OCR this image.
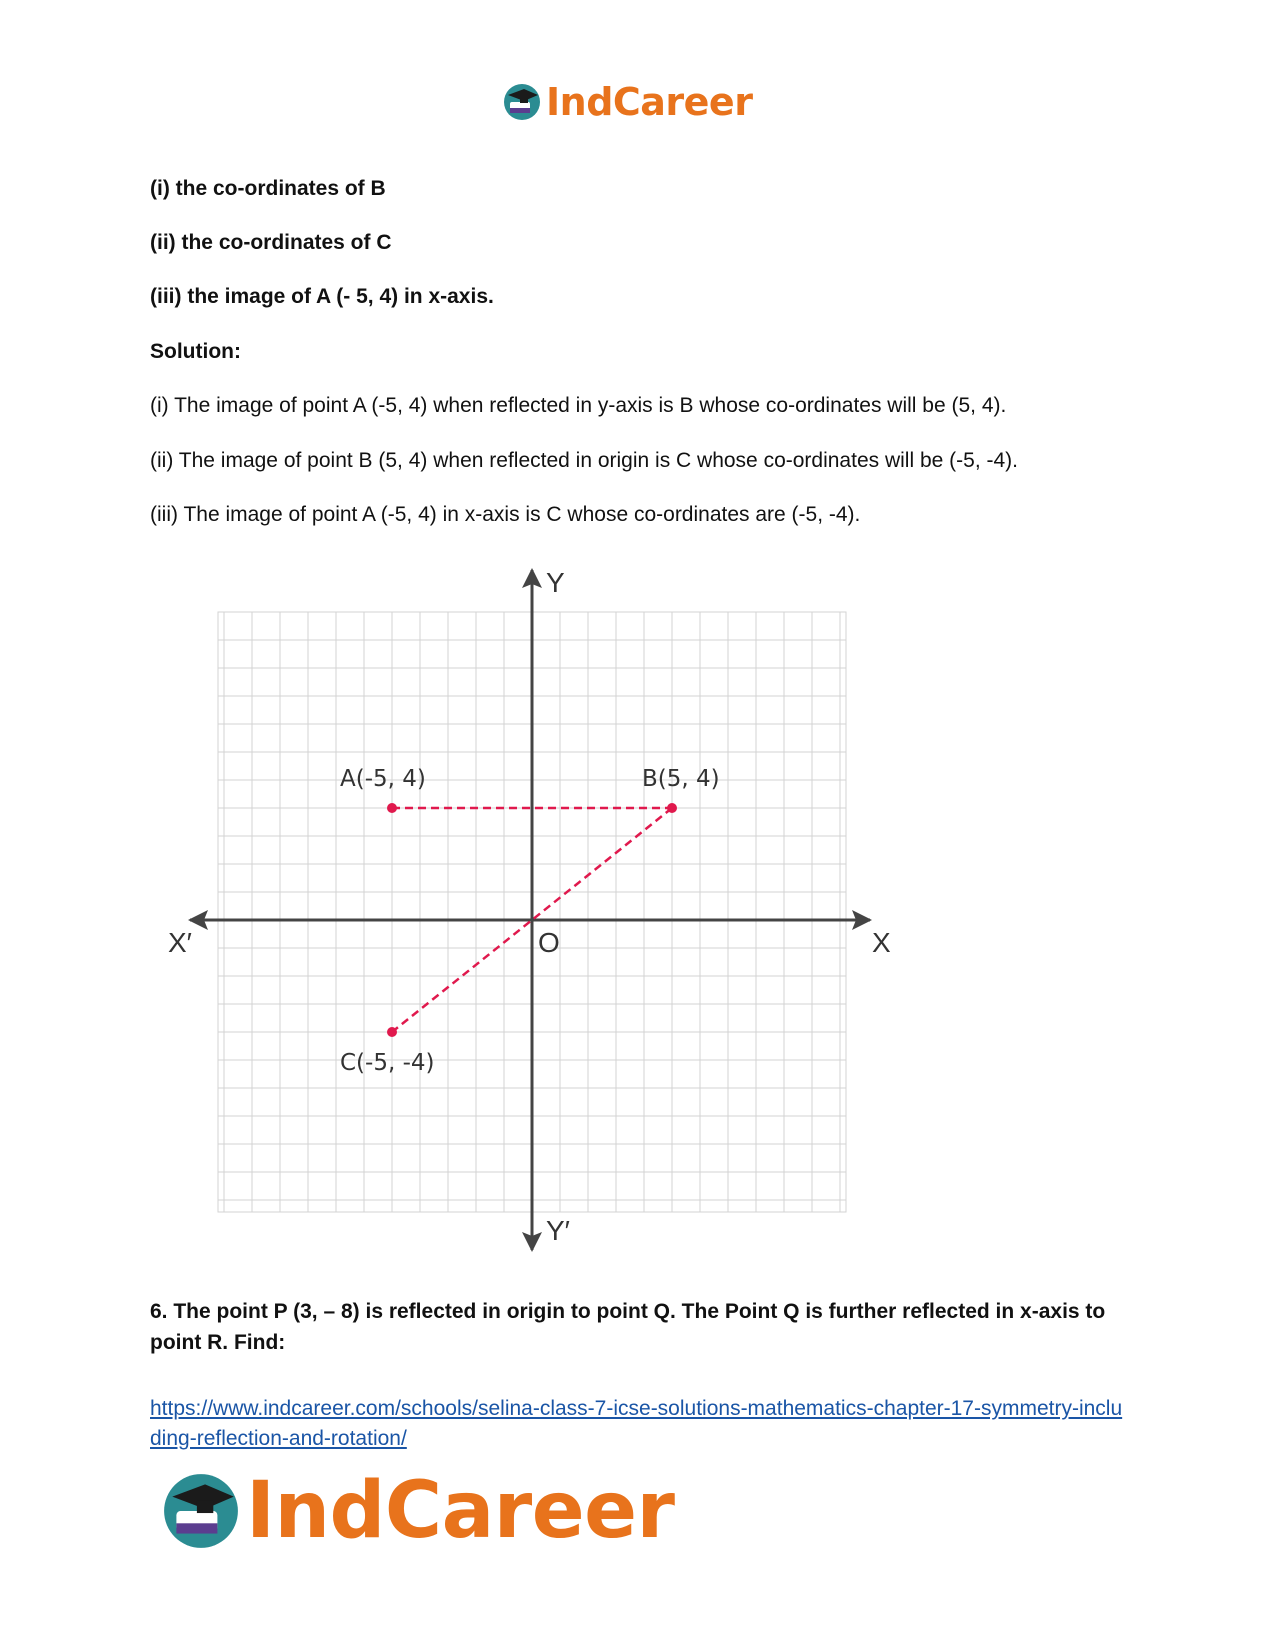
IndCareer
(i) the co-ordinates of B
(ii) the co-ordinates of C
(iii) the image of A (- 5, 4) in x-axis.
Solution:
(i) The image of point A (-5, 4) when reflected in y-axis is B whose co-ordinates will be (5, 4).
(ii) The image of point B (5, 4) when reflected in origin is C whose co-ordinates will be (-5, -4).
(iii) The image of point A (-5, 4) in x-axis is C whose co-ordinates are (-5, -4).
X
X′
Y
Y′
O
A(-5, 4)	B(5, 4)
C(-5, -4)
6. The point P (3, – 8) is reflected in origin to point Q. The Point Q is further reflected in x-axis to point R. Find:
https://www.indcareer.com/schools/selina-class-7-icse-solutions-mathematics-chapter-17-symmetry-including-reflection-and-rotation/
IndCareer
